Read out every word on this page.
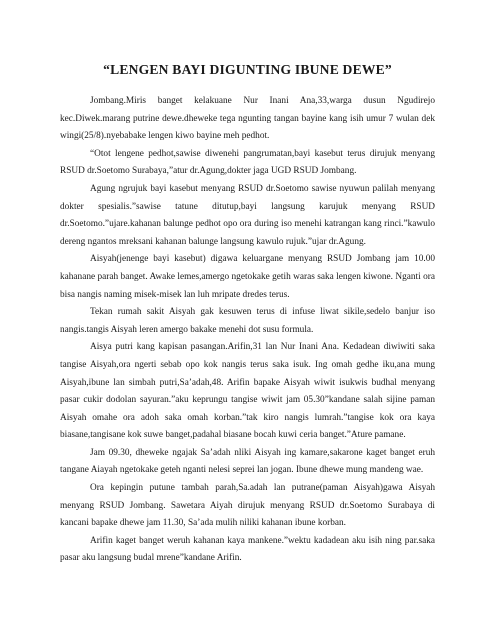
“LENGEN BAYI DIGUNTING IBUNE DEWE”

Jombang.Miris banget kelakuane Nur Inani Ana,33,warga dusun Ngudirejo kec.Diwek.marang putrine dewe.dheweke tega ngunting tangan bayine kang isih umur 7 wulan dek wingi(25/8).nyebabake lengen kiwo bayine meh pedhot.

“Otot lengene pedhot,sawise diwenehi pangrumatan,bayi kasebut terus dirujuk menyang RSUD dr.Soetomo Surabaya,”atur dr.Agung,dokter jaga UGD RSUD Jombang.

Agung ngrujuk bayi kasebut menyang RSUD dr.Soetomo sawise nyuwun palilah menyang dokter spesialis.”sawise tatune ditutup,bayi langsung karujuk menyang RSUD dr.Soetomo.”ujare.kahanan balunge pedhot opo ora during iso menehi katrangan kang rinci.”kawulo dereng ngantos mreksani kahanan balunge langsung kawulo rujuk.”ujar dr.Agung.

Aisyah(jenenge bayi kasebut) digawa keluargane menyang RSUD Jombang jam 10.00 kahanane parah banget. Awake lemes,amergo ngetokake getih waras saka lengen kiwone. Nganti ora bisa nangis naming misek-misek lan luh mripate dredes terus.

Tekan rumah sakit Aisyah gak kesuwen terus di infuse liwat sikile,sedelo banjur iso nangis.tangis Aisyah leren amergo bakake menehi dot susu formula.

Aisya putri kang kapisan pasangan.Arifin,31 lan Nur Inani Ana. Kedadean diwiwiti saka tangise Aisyah,ora ngerti sebab opo kok nangis terus saka isuk. Ing omah gedhe iku,ana mung Aisyah,ibune lan simbah putri,Sa’adah,48. Arifin bapake Aisyah wiwit isukwis budhal menyang pasar cukir dodolan sayuran.”aku keprungu tangise wiwit jam 05.30”kandane salah sijine paman Aisyah omahe ora adoh saka omah korban.”tak kiro nangis lumrah.”tangise kok ora kaya biasane,tangisane kok suwe banget,padahal biasane bocah kuwi ceria banget.”Ature pamane.

Jam 09.30, dheweke ngajak Sa’adah nliki Aisyah ing kamare,sakarone kaget banget eruh tangane Aiayah ngetokake geteh nganti nelesi seprei lan jogan. Ibune dhewe mung mandeng wae.

Ora kepingin putune tambah parah,Sa.adah lan putrane(paman Aisyah)gawa Aisyah menyang RSUD Jombang. Sawetara Aiyah dirujuk menyang RSUD dr.Soetomo Surabaya di kancani bapake dhewe jam 11.30, Sa’ada mulih niliki kahanan ibune korban.

Arifin kaget banget weruh kahanan kaya mankene.”wektu kadadean aku isih ning par.saka pasar aku langsung budal mrene”kandane Arifin.
